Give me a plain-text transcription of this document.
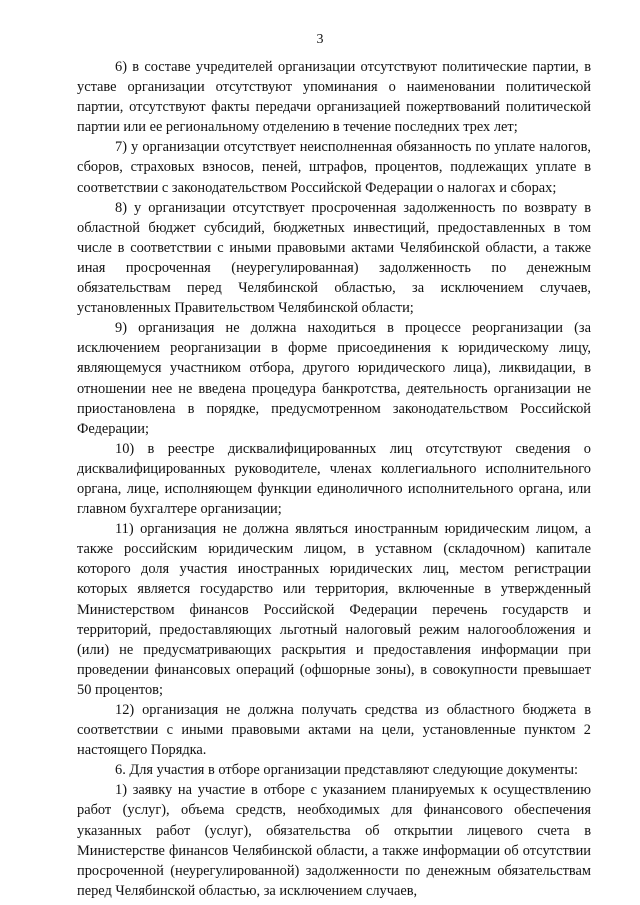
3

6) в составе учредителей организации отсутствуют политические партии, в уставе организации отсутствуют упоминания о наименовании политической партии, отсутствуют факты передачи организацией пожертвований политической партии или ее региональному отделению в течение последних трех лет;

7) у организации отсутствует неисполненная обязанность по уплате налогов, сборов, страховых взносов, пеней, штрафов, процентов, подлежащих уплате в соответствии с законодательством Российской Федерации о налогах и сборах;

8) у организации отсутствует просроченная задолженность по возврату в областной бюджет субсидий, бюджетных инвестиций, предоставленных в том числе в соответствии с иными правовыми актами Челябинской области, а также иная просроченная (неурегулированная) задолженность по денежным обязательствам перед Челябинской областью, за исключением случаев, установленных Правительством Челябинской области;

9) организация не должна находиться в процессе реорганизации (за исключением реорганизации в форме присоединения к юридическому лицу, являющемуся участником отбора, другого юридического лица), ликвидации, в отношении нее не введена процедура банкротства, деятельность организации не приостановлена в порядке, предусмотренном законодательством Российской Федерации;

10) в реестре дисквалифицированных лиц отсутствуют сведения о дисквалифицированных руководителе, членах коллегиального исполнительного органа, лице, исполняющем функции единоличного исполнительного органа, или главном бухгалтере организации;

11) организация не должна являться иностранным юридическим лицом, а также российским юридическим лицом, в уставном (складочном) капитале которого доля участия иностранных юридических лиц, местом регистрации которых является государство или территория, включенные в утвержденный Министерством финансов Российской Федерации перечень государств и территорий, предоставляющих льготный налоговый режим налогообложения и (или) не предусматривающих раскрытия и предоставления информации при проведении финансовых операций (офшорные зоны), в совокупности превышает 50 процентов;

12) организация не должна получать средства из областного бюджета в соответствии с иными правовыми актами на цели, установленные пунктом 2 настоящего Порядка.

6. Для участия в отборе организации представляют следующие документы:

1) заявку на участие в отборе с указанием планируемых к осуществлению работ (услуг), объема средств, необходимых для финансового обеспечения указанных работ (услуг), обязательства об открытии лицевого счета в Министерстве финансов Челябинской области, а также информации об отсутствии просроченной (неурегулированной) задолженности по денежным обязательствам перед Челябинской областью, за исключением случаев,
